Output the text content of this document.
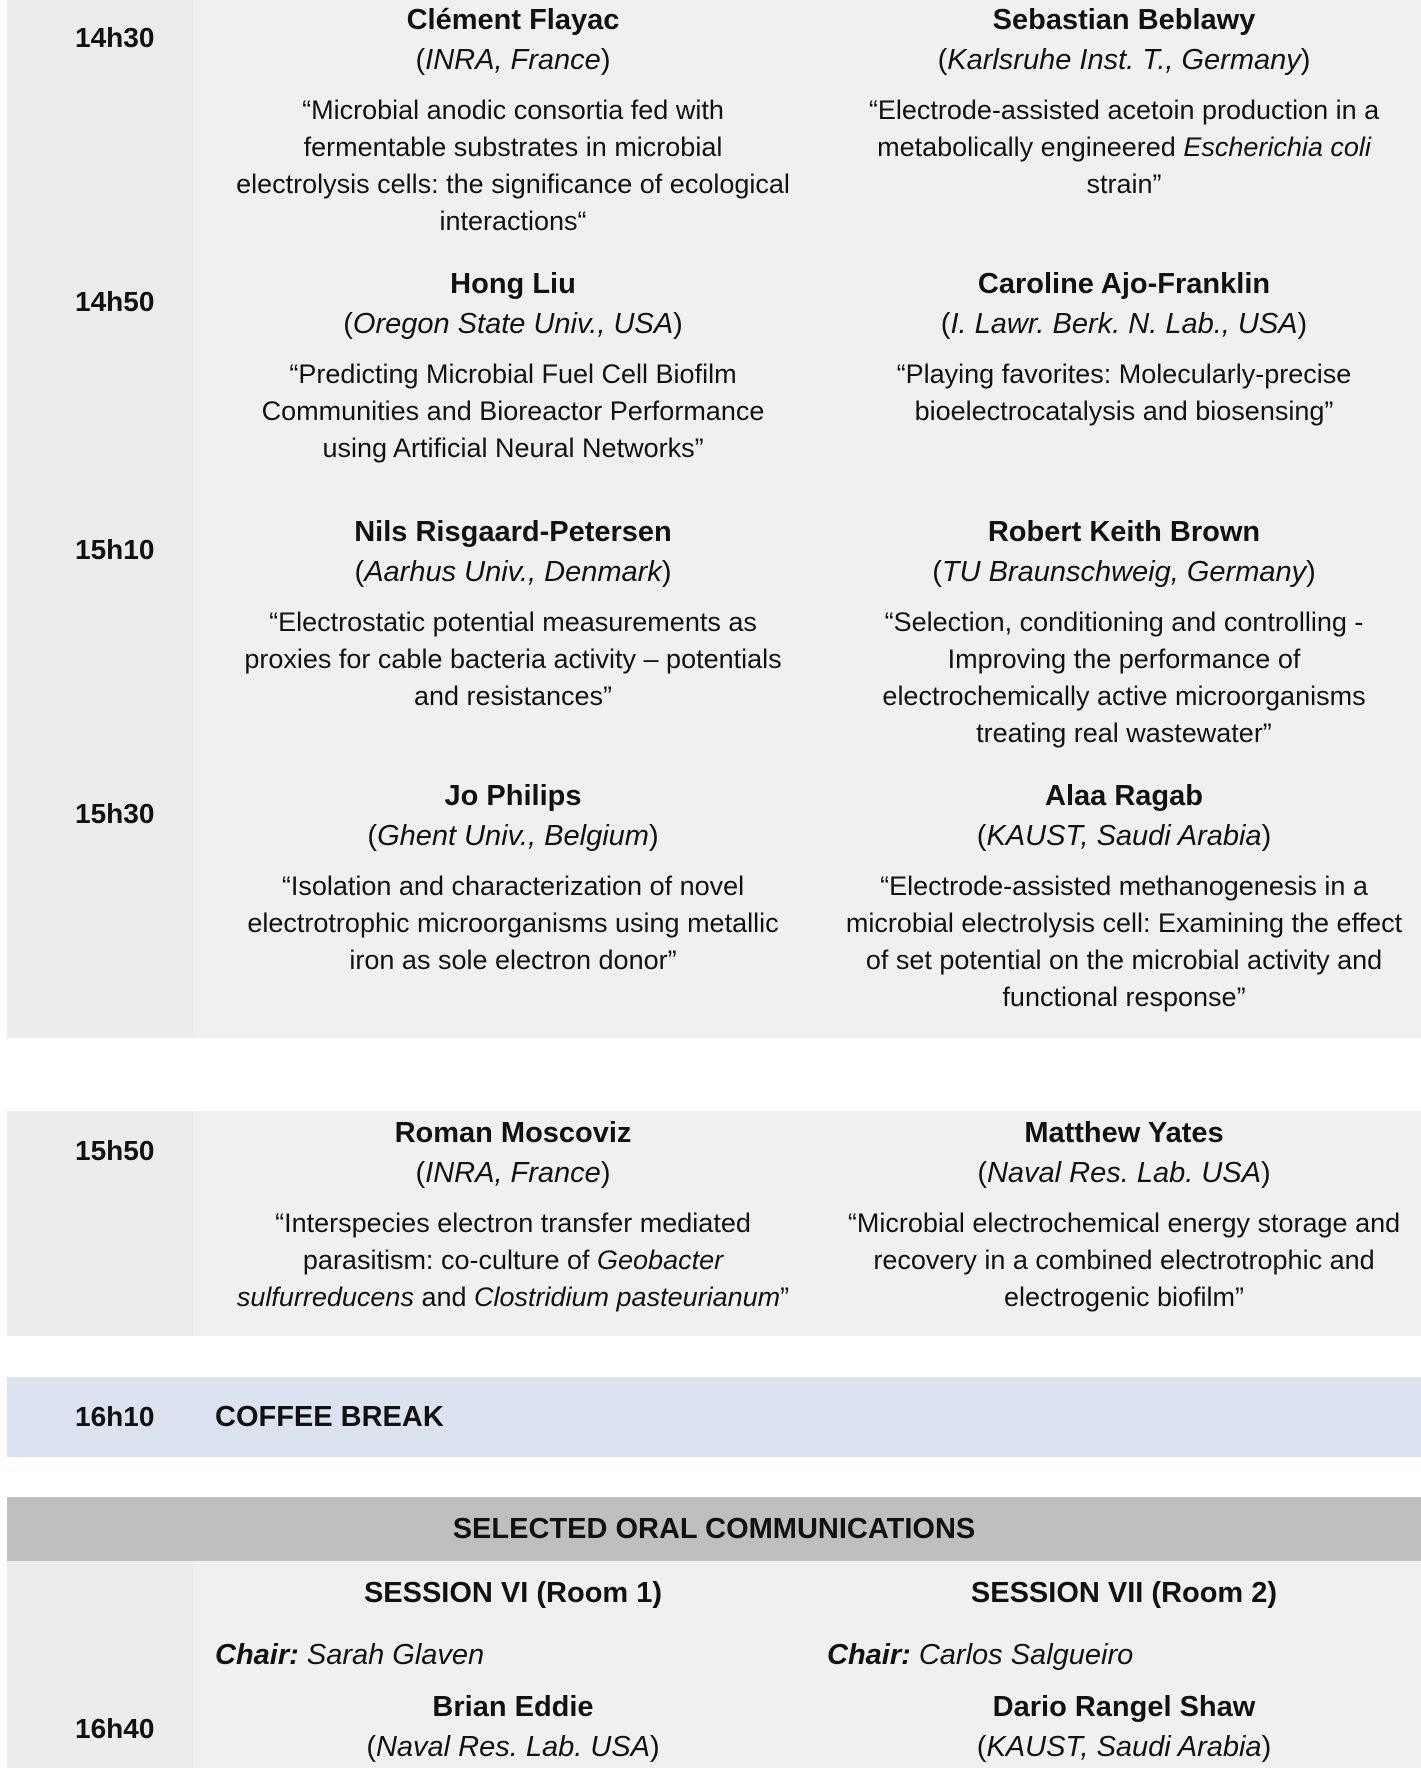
14h30
Clément Flayac
(INRA, France)
“Microbial anodic consortia fed with
fermentable substrates in microbial
electrolysis cells: the significance of ecological
interactions“
Sebastian Beblawy
(Karlsruhe Inst. T., Germany)
“Electrode-assisted acetoin production in a
metabolically engineered Escherichia coli
strain”
14h50
Hong Liu
(Oregon State Univ., USA)
“Predicting Microbial Fuel Cell Biofilm
Communities and Bioreactor Performance
using Artificial Neural Networks”
Caroline Ajo-Franklin
(I. Lawr. Berk. N. Lab., USA)
“Playing favorites: Molecularly-precise
bioelectrocatalysis and biosensing”
15h10
Nils Risgaard-Petersen
(Aarhus Univ., Denmark)
“Electrostatic potential measurements as
proxies for cable bacteria activity – potentials
and resistances”
Robert Keith Brown
(TU Braunschweig, Germany)
“Selection, conditioning and controlling -
Improving the performance of
electrochemically active microorganisms
treating real wastewater”
15h30
Jo Philips
(Ghent Univ., Belgium)
“Isolation and characterization of novel
electrotrophic microorganisms using metallic
iron as sole electron donor”
Alaa Ragab
(KAUST, Saudi Arabia)
“Electrode-assisted methanogenesis in a
microbial electrolysis cell: Examining the effect
of set potential on the microbial activity and
functional response”
15h50
Roman Moscoviz
(INRA, France)
“Interspecies electron transfer mediated
parasitism: co-culture of Geobacter
sulfurreducens and Clostridium pasteurianum”
Matthew Yates
(Naval Res. Lab. USA)
“Microbial electrochemical energy storage and
recovery in a combined electrotrophic and
electrogenic biofilm”
16h10 COFFEE BREAK
SELECTED ORAL COMMUNICATIONS
SESSION VI (Room 1)	SESSION VII (Room 2)
Chair: Sarah Glaven	Chair: Carlos Salgueiro
16h40
Brian Eddie
(Naval Res. Lab. USA)
Dario Rangel Shaw
(KAUST, Saudi Arabia)
